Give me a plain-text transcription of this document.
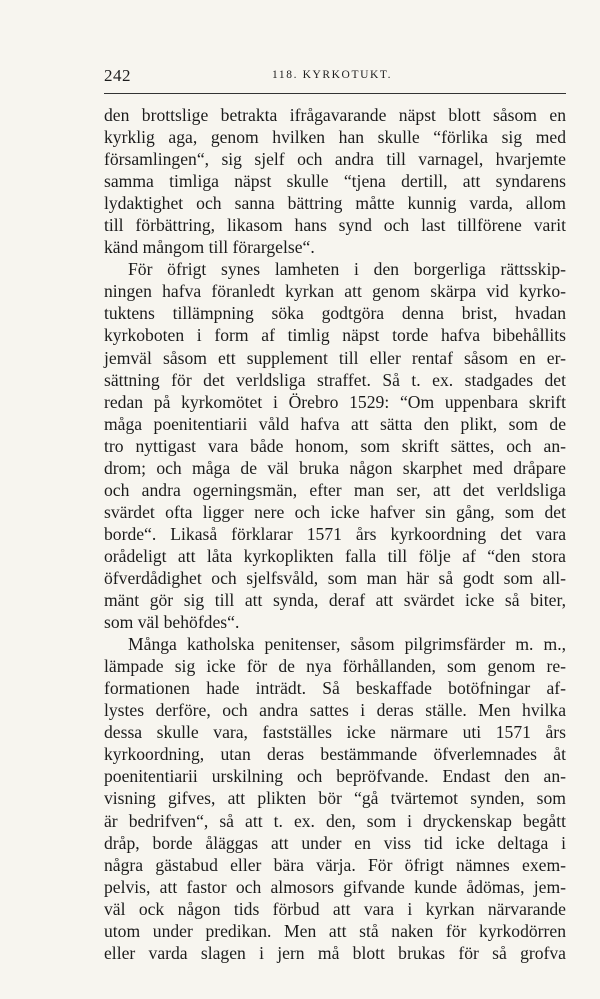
242	118. KYRKOTUKT.
den brottslige betrakta ifrågavarande näpst blott såsom en
kyrklig aga, genom hvilken han skulle “förlika sig med
församlingen“, sig sjelf och andra till varnagel, hvarjemte
samma timliga näpst skulle “tjena dertill, att syndarens
lydaktighet och sanna bättring måtte kunnig varda, allom
till förbättring, likasom hans synd och last tillförene varit
känd mångom till förargelse“.
För öfrigt synes lamheten i den borgerliga rättsskip-
ningen hafva föranledt kyrkan att genom skärpa vid kyrko-
tuktens tillämpning söka godtgöra denna brist, hvadan
kyrkoboten i form af timlig näpst torde hafva bibehållits
jemväl såsom ett supplement till eller rentaf såsom en er-
sättning för det verldsliga straffet. Så t. ex. stadgades det
redan på kyrkomötet i Örebro 1529: “Om uppenbara skrift
måga poenitentiarii våld hafva att sätta den plikt, som de
tro nyttigast vara både honom, som skrift sättes, och an-
drom; och måga de väl bruka någon skarphet med dråpare
och andra ogerningsmän, efter man ser, att det verldsliga
svärdet ofta ligger nere och icke hafver sin gång, som det
borde“. Likaså förklarar 1571 års kyrkoordning det vara
orådeligt att låta kyrkoplikten falla till följe af “den stora
öfverdådighet och sjelfsvåld, som man här så godt som all-
mänt gör sig till att synda, deraf att svärdet icke så biter,
som väl behöfdes“.
Många katholska penitenser, såsom pilgrimsfärder m. m.,
lämpade sig icke för de nya förhållanden, som genom re-
formationen hade inträdt. Så beskaffade botöfningar af-
lystes derföre, och andra sattes i deras ställe. Men hvilka
dessa skulle vara, fastställes icke närmare uti 1571 års
kyrkoordning, utan deras bestämmande öfverlemnades åt
poenitentiarii urskilning och bepröfvande. Endast den an-
visning gifves, att plikten bör “gå tvärtemot synden, som
är bedrifven“, så att t. ex. den, som i dryckenskap begått
dråp, borde åläggas att under en viss tid icke deltaga i
några gästabud eller bära värja. För öfrigt nämnes exem-
pelvis, att fastor och almosors gifvande kunde ådömas, jem-
väl ock någon tids förbud att vara i kyrkan närvarande
utom under predikan. Men att stå naken för kyrkodörren
eller varda slagen i jern må blott brukas för så grofva
